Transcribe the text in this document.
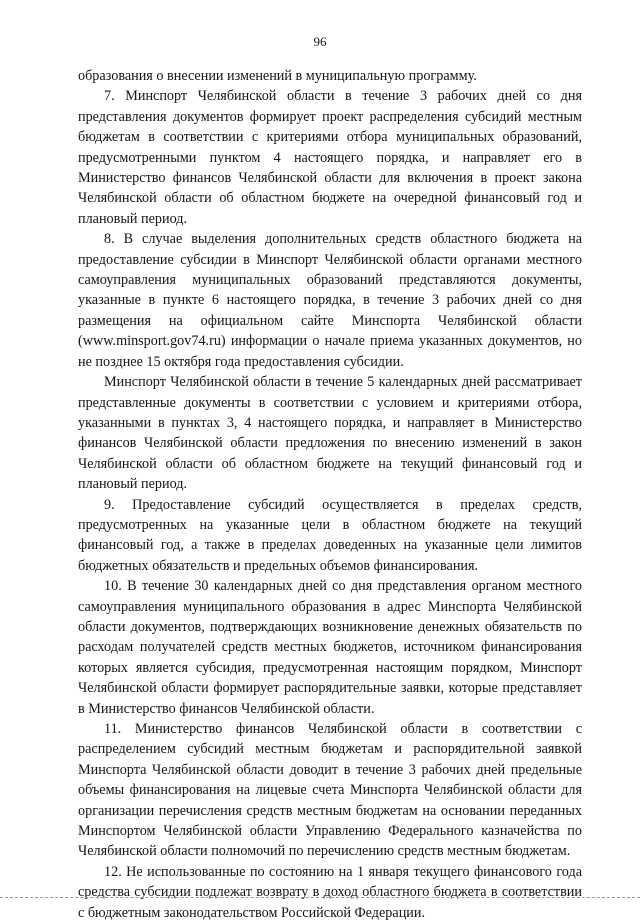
96

образования о внесении изменений в муниципальную программу.

7. Минспорт Челябинской области в течение 3 рабочих дней со дня представления документов формирует проект распределения субсидий местным бюджетам в соответствии с критериями отбора муниципальных образований, предусмотренными пунктом 4 настоящего порядка, и направляет его в Министерство финансов Челябинской области для включения в проект закона Челябинской области об областном бюджете на очередной финансовый год и плановый период.

8. В случае выделения дополнительных средств областного бюджета на предоставление субсидии в Минспорт Челябинской области органами местного самоуправления муниципальных образований представляются документы, указанные в пункте 6 настоящего порядка, в течение 3 рабочих дней со дня размещения на официальном сайте Минспорта Челябинской области (www.minsport.gov74.ru) информации о начале приема указанных документов, но не позднее 15 октября года предоставления субсидии.

Минспорт Челябинской области в течение 5 календарных дней рассматривает представленные документы в соответствии с условием и критериями отбора, указанными в пунктах 3, 4 настоящего порядка, и направляет в Министерство финансов Челябинской области предложения по внесению изменений в закон Челябинской области об областном бюджете на текущий финансовый год и плановый период.

9. Предоставление субсидий осуществляется в пределах средств, предусмотренных на указанные цели в областном бюджете на текущий финансовый год, а также в пределах доведенных на указанные цели лимитов бюджетных обязательств и предельных объемов финансирования.

10. В течение 30 календарных дней со дня представления органом местного самоуправления муниципального образования в адрес Минспорта Челябинской области документов, подтверждающих возникновение денежных обязательств по расходам получателей средств местных бюджетов, источником финансирования которых является субсидия, предусмотренная настоящим порядком, Минспорт Челябинской области формирует распорядительные заявки, которые представляет в Министерство финансов Челябинской области.

11. Министерство финансов Челябинской области в соответствии с распределением субсидий местным бюджетам и распорядительной заявкой Минспорта Челябинской области доводит в течение 3 рабочих дней предельные объемы финансирования на лицевые счета Минспорта Челябинской области для организации перечисления средств местным бюджетам на основании переданных Минспортом Челябинской области Управлению Федерального казначейства по Челябинской области полномочий по перечислению средств местным бюджетам.

12. Не использованные по состоянию на 1 января текущего финансового года средства субсидии подлежат возврату в доход областного бюджета в соответствии с бюджетным законодательством Российской Федерации.
